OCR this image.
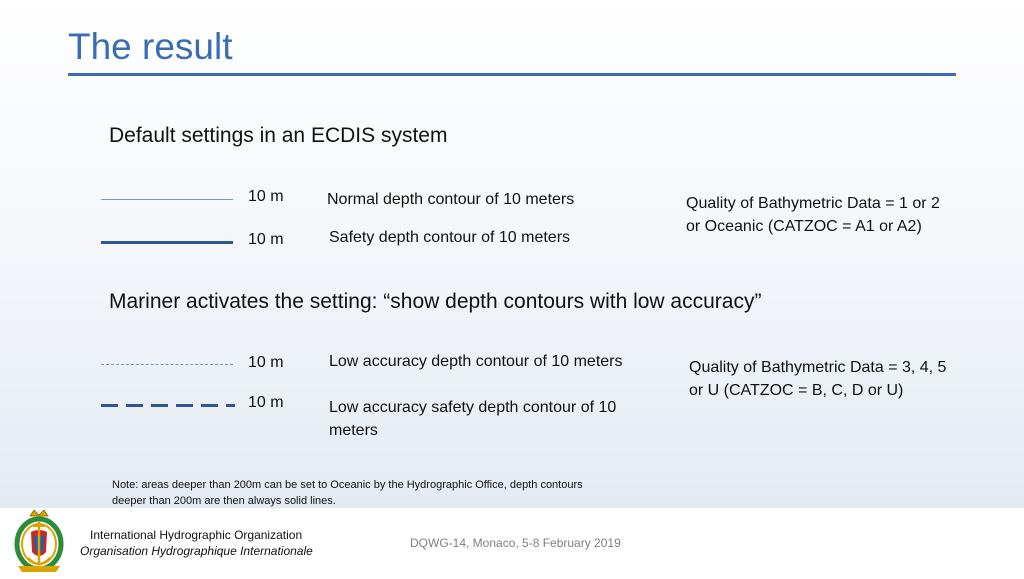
The result
Default settings in an ECDIS system
10 m	Normal depth contour of 10 meters
10 m	Safety depth contour of 10 meters
Quality of Bathymetric Data = 1 or 2
or Oceanic (CATZOC = A1 or A2)
Mariner activates the setting: “show depth contours with low accuracy”
10 m	Low accuracy depth contour of 10 meters
10 m	Low accuracy safety depth contour of 10
meters
Quality of Bathymetric Data = 3, 4, 5
or U (CATZOC = B, C, D or U)
Note: areas deeper than 200m can be set to Oceanic by the Hydrographic Office, depth contours
deeper than 200m are then always solid lines.
International Hydrographic Organization
Organisation Hydrographique Internationale
DQWG-14, Monaco, 5-8 February 2019
